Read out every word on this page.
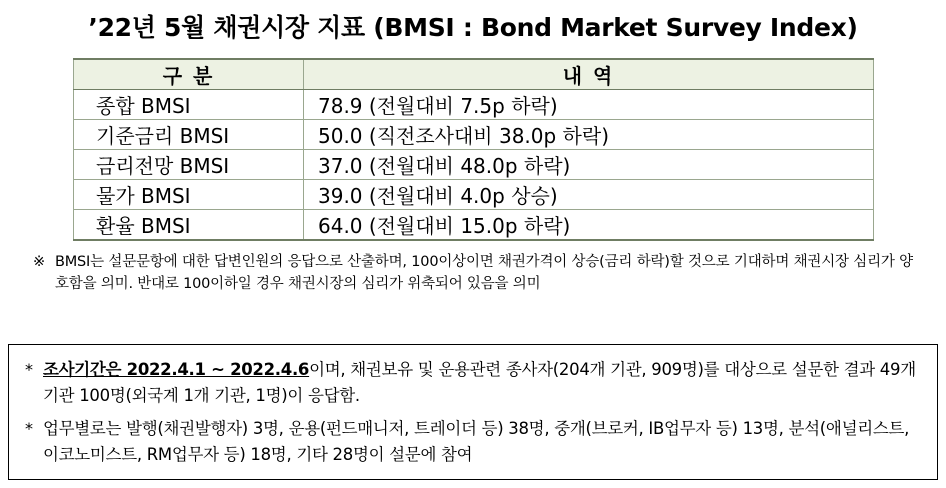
’22년 5월 채권시장 지표 (BMSI : Bond Market Survey Index)
구 분	내 역
종합 BMSI	78.9 (전월대비 7.5p 하락)
기준금리 BMSI	50.0 (직전조사대비 38.0p 하락)
금리전망 BMSI	37.0 (전월대비 48.0p 하락)
물가 BMSI	39.0 (전월대비 4.0p 상승)
환율 BMSI	64.0 (전월대비 15.0p 하락)
※ BMSI는 설문문항에 대한 답변인원의 응답으로 산출하며, 100이상이면 채권가격이 상승(금리 하락)할 것으로 기대하며 채권시장 심리가 양호함을 의미. 반대로 100이하일 경우 채권시장의 심리가 위축되어 있음을 의미
* 조사기간은 2022.4.1 ~ 2022.4.6이며, 채권보유 및 운용관련 종사자(204개 기관, 909명)를 대상으로 설문한 결과 49개 기관 100명(외국계 1개 기관, 1명)이 응답함.
* 업무별로는 발행(채권발행자) 3명, 운용(펀드매니저, 트레이더 등) 38명, 중개(브로커, IB업무자 등) 13명, 분석(애널리스트, 이코노미스트, RM업무자 등) 18명, 기타 28명이 설문에 참여
